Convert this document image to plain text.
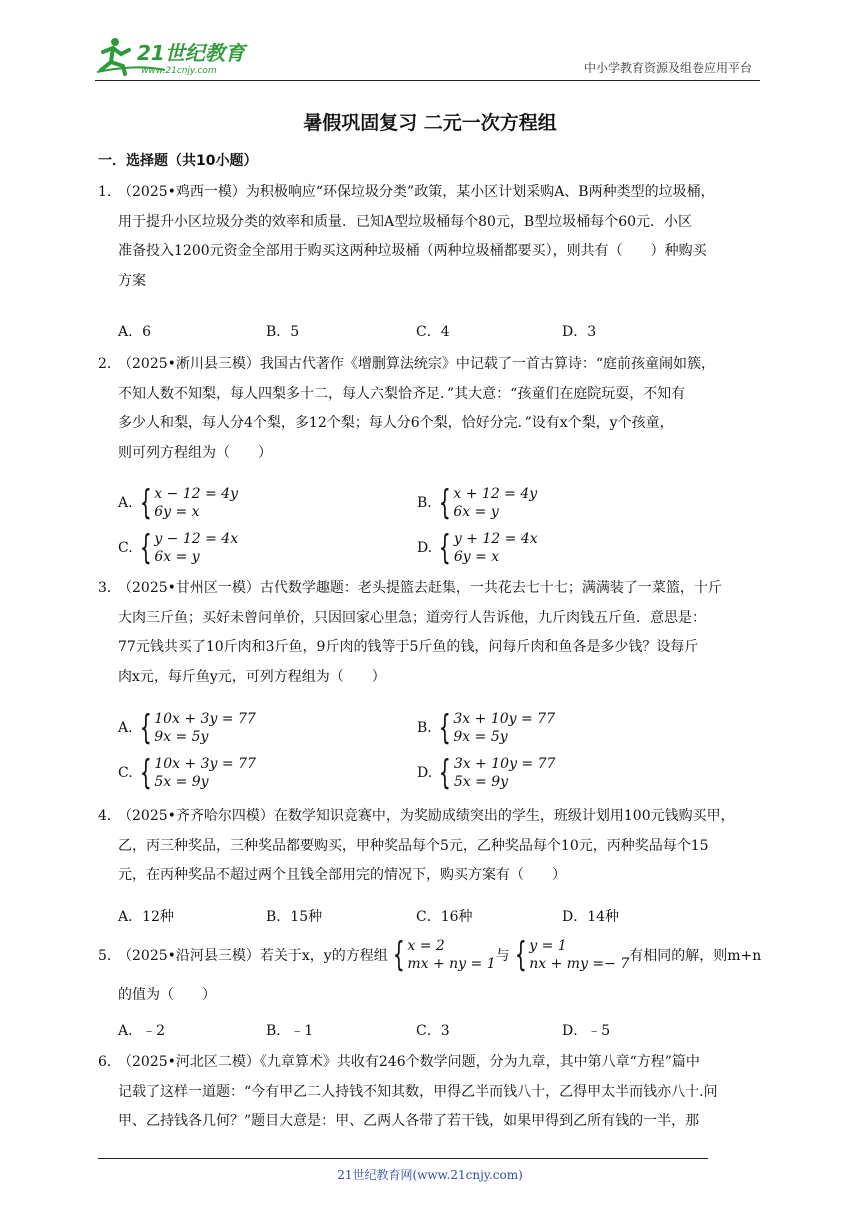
21世纪教育
www.21cnjy.com	中小学教育资源及组卷应用平台
暑假巩固复习 二元一次方程组
一．选择题（共10小题）
1．（2025•鸡西一模）为积极响应“环保垃圾分类”政策，某小区计划采购A、B两种类型的垃圾桶，
用于提升小区垃圾分类的效率和质量．已知A型垃圾桶每个80元，B型垃圾桶每个60元．小区
准备投入1200元资金全部用于购买这两种垃圾桶（两种垃圾桶都要买），则共有（　　）种购买
方案
A．6	B．5	C．4	D．3
2．（2025•淅川县三模）我国古代著作《增删算法统宗》中记载了一首古算诗：“庭前孩童闹如簇，
不知人数不知梨，每人四梨多十二，每人六梨恰齐足．”其大意：“孩童们在庭院玩耍，不知有
多少人和梨，每人分4个梨，多12个梨；每人分6个梨，恰好分完．”设有x个梨，y个孩童，
则可列方程组为（　　）
A. { x − 12 = 4y
6y = x
B. { x + 12 = 4y
6x = y
C. { y − 12 = 4x
6x = y
D. { y + 12 = 4x
6y = x
3．（2025•甘州区一模）古代数学趣题：老头提篮去赶集，一共花去七十七；满满装了一菜篮，十斤
大肉三斤鱼；买好未曾问单价，只因回家心里急；道旁行人告诉他，九斤肉钱五斤鱼．意思是：
77元钱共买了10斤肉和3斤鱼，9斤肉的钱等于5斤鱼的钱，问每斤肉和鱼各是多少钱？设每斤
肉x元，每斤鱼y元，可列方程组为（　　）
A. { 10x + 3y = 77
9x = 5y
B. { 3x + 10y = 77
9x = 5y
C. { 10x + 3y = 77
5x = 9y
D. { 3x + 10y = 77
5x = 9y
4．（2025•齐齐哈尔四模）在数学知识竞赛中，为奖励成绩突出的学生，班级计划用100元钱购买甲，
乙，丙三种奖品，三种奖品都要购买，甲种奖品每个5元，乙种奖品每个10元，丙种奖品每个15
元，在丙种奖品不超过两个且钱全部用完的情况下，购买方案有（　　）
A．12种	B．15种	C．16种	D．14种
5．
（2025•沿河县三模）若关于x，y的方程组 { x = 2
mx + ny = 1 与 { y = 1
nx + my =− 7 有相同的解，则m+n
的值为（　　）
A．﹣2	B．﹣1	C．3	D．﹣5
6．（2025•河北区二模）《九章算术》共收有246个数学问题，分为九章，其中第八章“方程”篇中
记载了这样一道题：“今有甲乙二人持钱不知其数，甲得乙半而钱八十，乙得甲太半而钱亦八十.问
甲、乙持钱各几何？”题目大意是：甲、乙两人各带了若干钱，如果甲得到乙所有钱的一半，那
21世纪教育网(www.21cnjy.com)
